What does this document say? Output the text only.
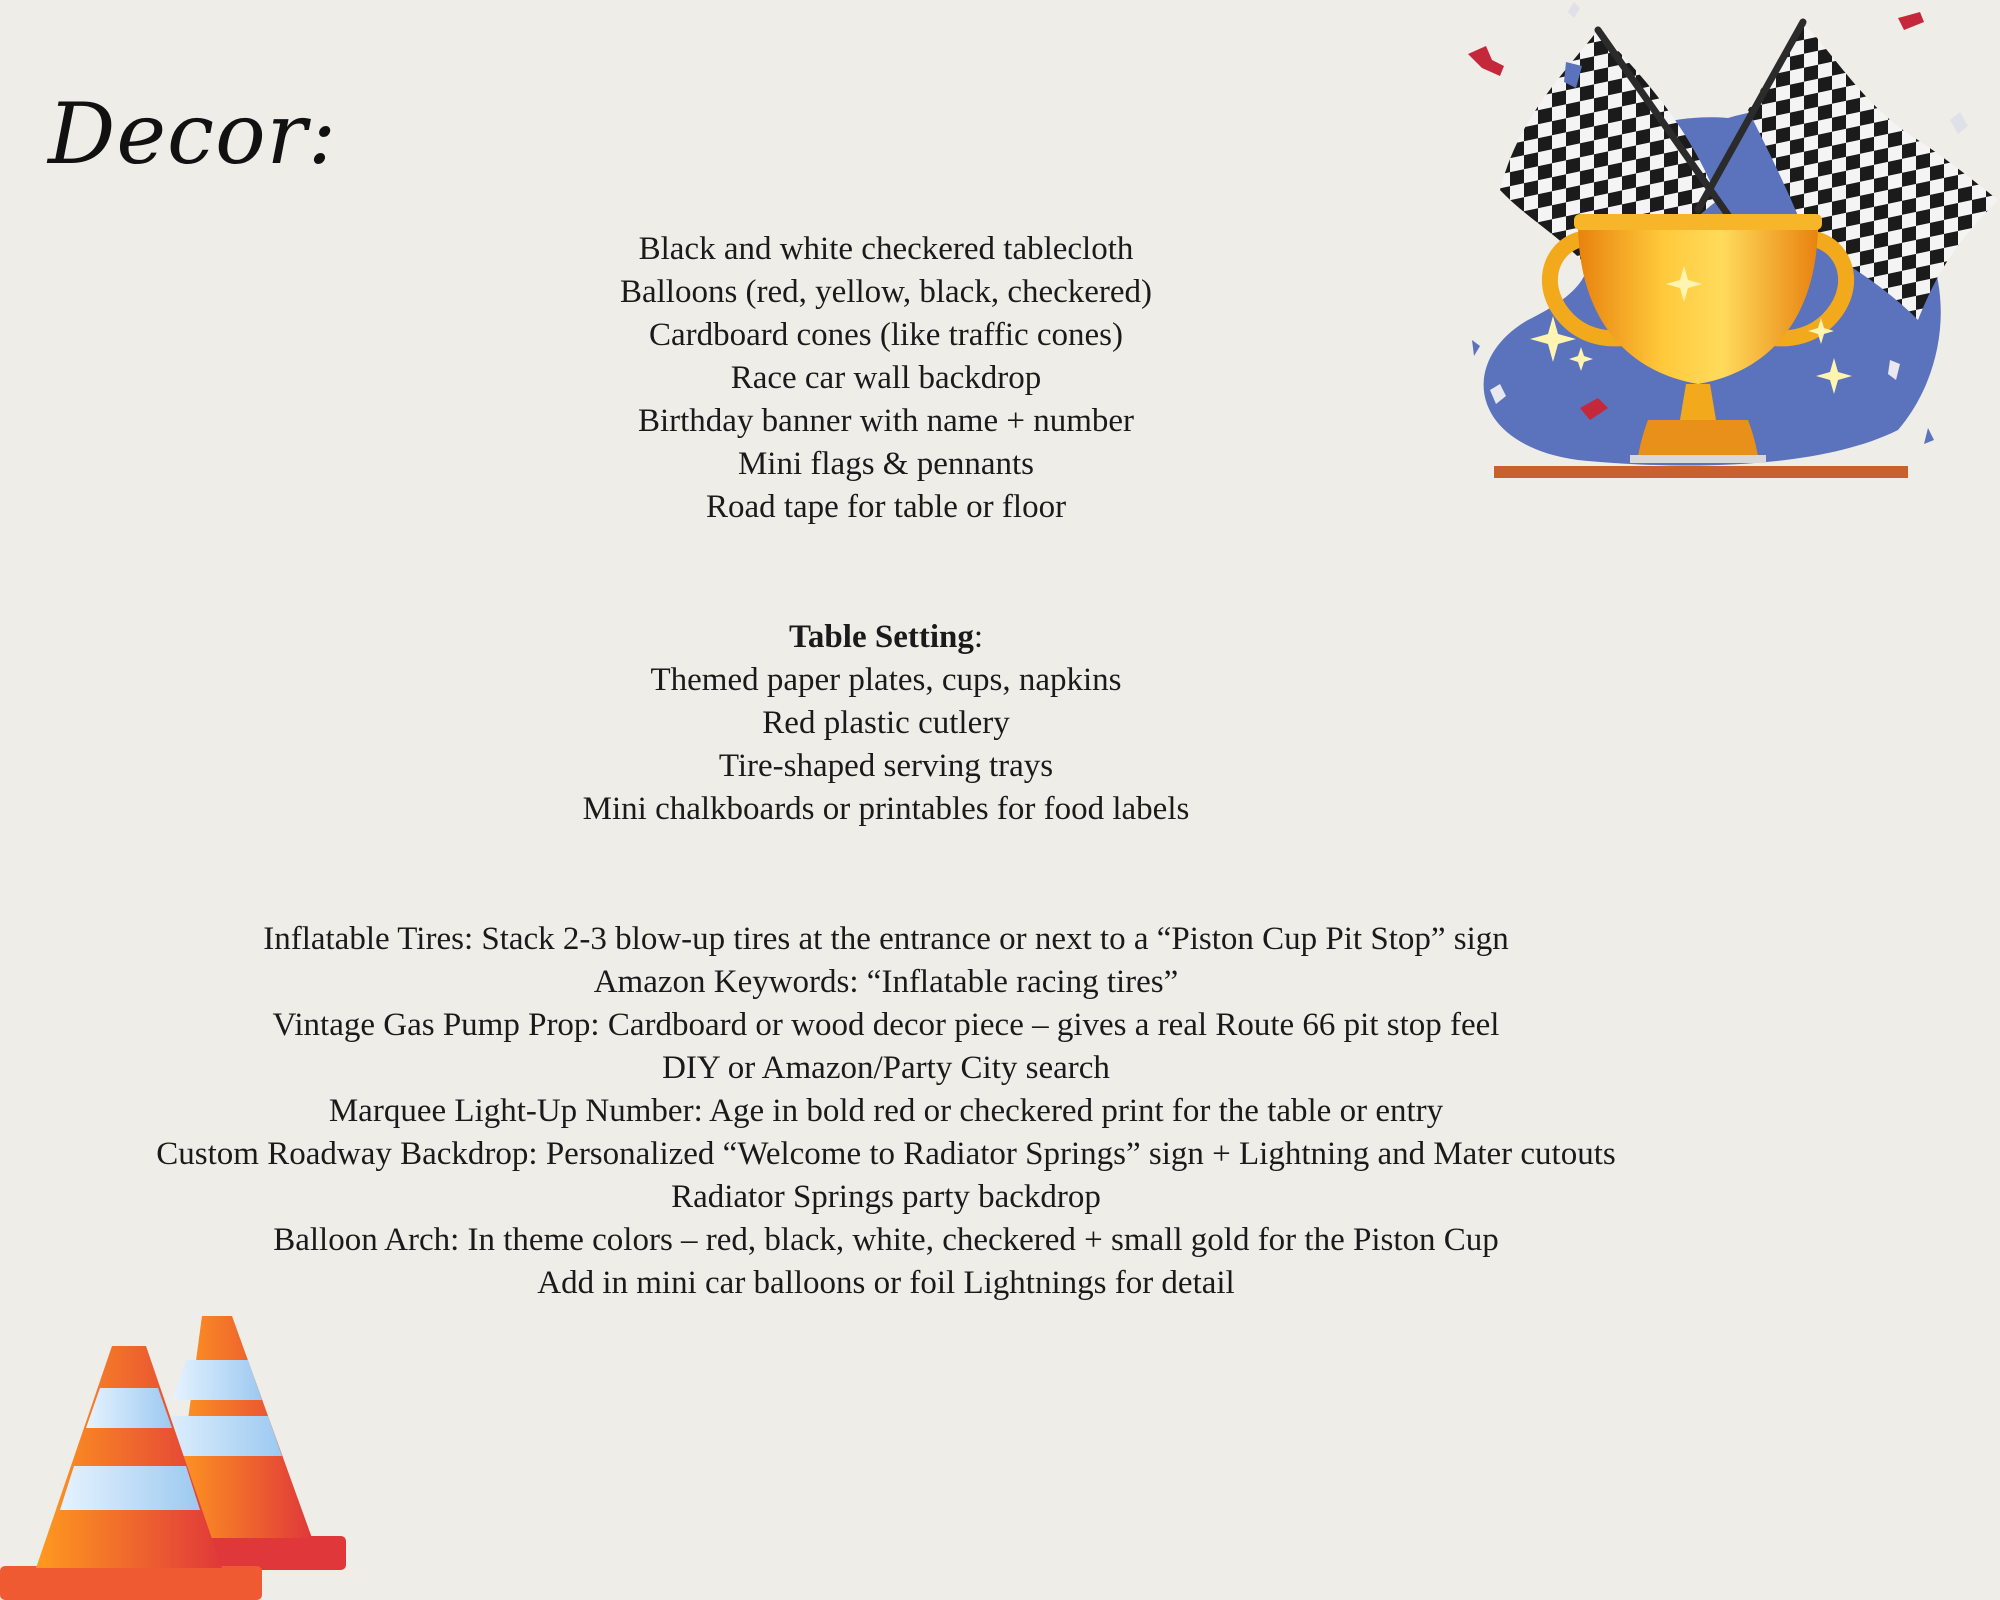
Decor:
Black and white checkered tablecloth
Balloons (red, yellow, black, checkered)
Cardboard cones (like traffic cones)
Race car wall backdrop
Birthday banner with name + number
Mini flags & pennants
Road tape for table or floor
Table Setting:
Themed paper plates, cups, napkins
Red plastic cutlery
Tire-shaped serving trays
Mini chalkboards or printables for food labels
Inflatable Tires: Stack 2-3 blow-up tires at the entrance or next to a “Piston Cup Pit Stop” sign
Amazon Keywords: “Inflatable racing tires”
Vintage Gas Pump Prop: Cardboard or wood decor piece – gives a real Route 66 pit stop feel
DIY or Amazon/Party City search
Marquee Light-Up Number: Age in bold red or checkered print for the table or entry
Custom Roadway Backdrop: Personalized “Welcome to Radiator Springs” sign + Lightning and Mater cutouts
Radiator Springs party backdrop
Balloon Arch: In theme colors – red, black, white, checkered + small gold for the Piston Cup
Add in mini car balloons or foil Lightnings for detail
